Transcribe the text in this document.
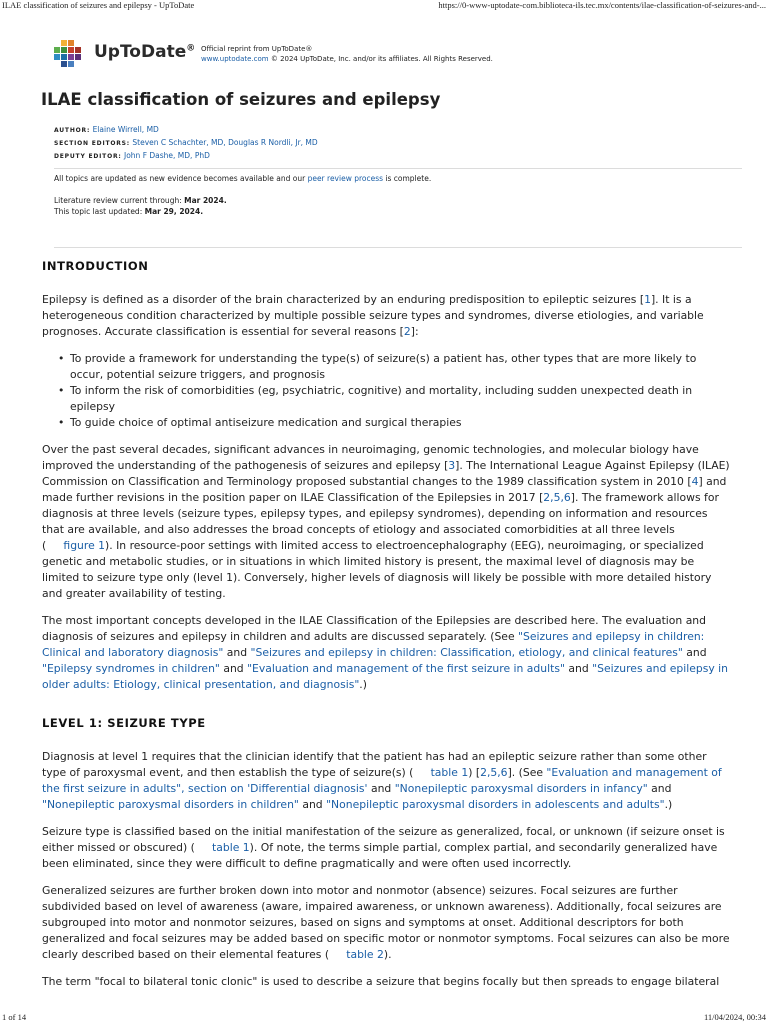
ILAE classification of seizures and epilepsy - UpToDate	https://0-www-uptodate-com.biblioteca-ils.tec.mx/contents/ilae-classification-of-seizures-and-...
UpToDate® Official reprint from UpToDate®
www.uptodate.com © 2024 UpToDate, Inc. and/or its affiliates. All Rights Reserved.
ILAE classification of seizures and epilepsy
AUTHOR: Elaine Wirrell, MD
SECTION EDITORS: Steven C Schachter, MD, Douglas R Nordli, Jr, MD
DEPUTY EDITOR: John F Dashe, MD, PhD
All topics are updated as new evidence becomes available and our peer review process is complete.
Literature review current through: Mar 2024.
This topic last updated: Mar 29, 2024.
INTRODUCTION

Epilepsy is defined as a disorder of the brain characterized by an enduring predisposition to epileptic seizures [1]. It is a heterogeneous condition characterized by multiple possible seizure types and syndromes, diverse etiologies, and variable prognoses. Accurate classification is essential for several reasons [2]:

• To provide a framework for understanding the type(s) of seizure(s) a patient has, other types that are more likely to occur, potential seizure triggers, and prognosis
• To inform the risk of comorbidities (eg, psychiatric, cognitive) and mortality, including sudden unexpected death in epilepsy
• To guide choice of optimal antiseizure medication and surgical therapies

Over the past several decades, significant advances in neuroimaging, genomic technologies, and molecular biology have improved the understanding of the pathogenesis of seizures and epilepsy [3]. The International League Against Epilepsy (ILAE) Commission on Classification and Terminology proposed substantial changes to the 1989 classification system in 2010 [4] and made further revisions in the position paper on ILAE Classification of the Epilepsies in 2017 [2,5,6]. The framework allows for diagnosis at three levels (seizure types, epilepsy types, and epilepsy syndromes), depending on information and resources that are available, and also addresses the broad concepts of etiology and associated comorbidities at all three levels ( figure 1). In resource-poor settings with limited access to electroencephalography (EEG), neuroimaging, or specialized genetic and metabolic studies, or in situations in which limited history is present, the maximal level of diagnosis may be limited to seizure type only (level 1). Conversely, higher levels of diagnosis will likely be possible with more detailed history and greater availability of testing.

The most important concepts developed in the ILAE Classification of the Epilepsies are described here. The evaluation and diagnosis of seizures and epilepsy in children and adults are discussed separately. (See "Seizures and epilepsy in children: Clinical and laboratory diagnosis" and "Seizures and epilepsy in children: Classification, etiology, and clinical features" and "Epilepsy syndromes in children" and "Evaluation and management of the first seizure in adults" and "Seizures and epilepsy in older adults: Etiology, clinical presentation, and diagnosis".)

LEVEL 1: SEIZURE TYPE

Diagnosis at level 1 requires that the clinician identify that the patient has had an epileptic seizure rather than some other type of paroxysmal event, and then establish the type of seizure(s) ( table 1) [2,5,6]. (See "Evaluation and management of the first seizure in adults", section on 'Differential diagnosis' and "Nonepileptic paroxysmal disorders in infancy" and "Nonepileptic paroxysmal disorders in children" and "Nonepileptic paroxysmal disorders in adolescents and adults".)

Seizure type is classified based on the initial manifestation of the seizure as generalized, focal, or unknown (if seizure onset is either missed or obscured) ( table 1). Of note, the terms simple partial, complex partial, and secondarily generalized have been eliminated, since they were difficult to define pragmatically and were often used incorrectly.

Generalized seizures are further broken down into motor and nonmotor (absence) seizures. Focal seizures are further subdivided based on level of awareness (aware, impaired awareness, or unknown awareness). Additionally, focal seizures are subgrouped into motor and nonmotor seizures, based on signs and symptoms at onset. Additional descriptors for both generalized and focal seizures may be added based on specific motor or nonmotor symptoms. Focal seizures can also be more clearly described based on their elemental features ( table 2).

The term "focal to bilateral tonic clonic" is used to describe a seizure that begins focally but then spreads to engage bilateral

1 of 14	11/04/2024, 00:34
